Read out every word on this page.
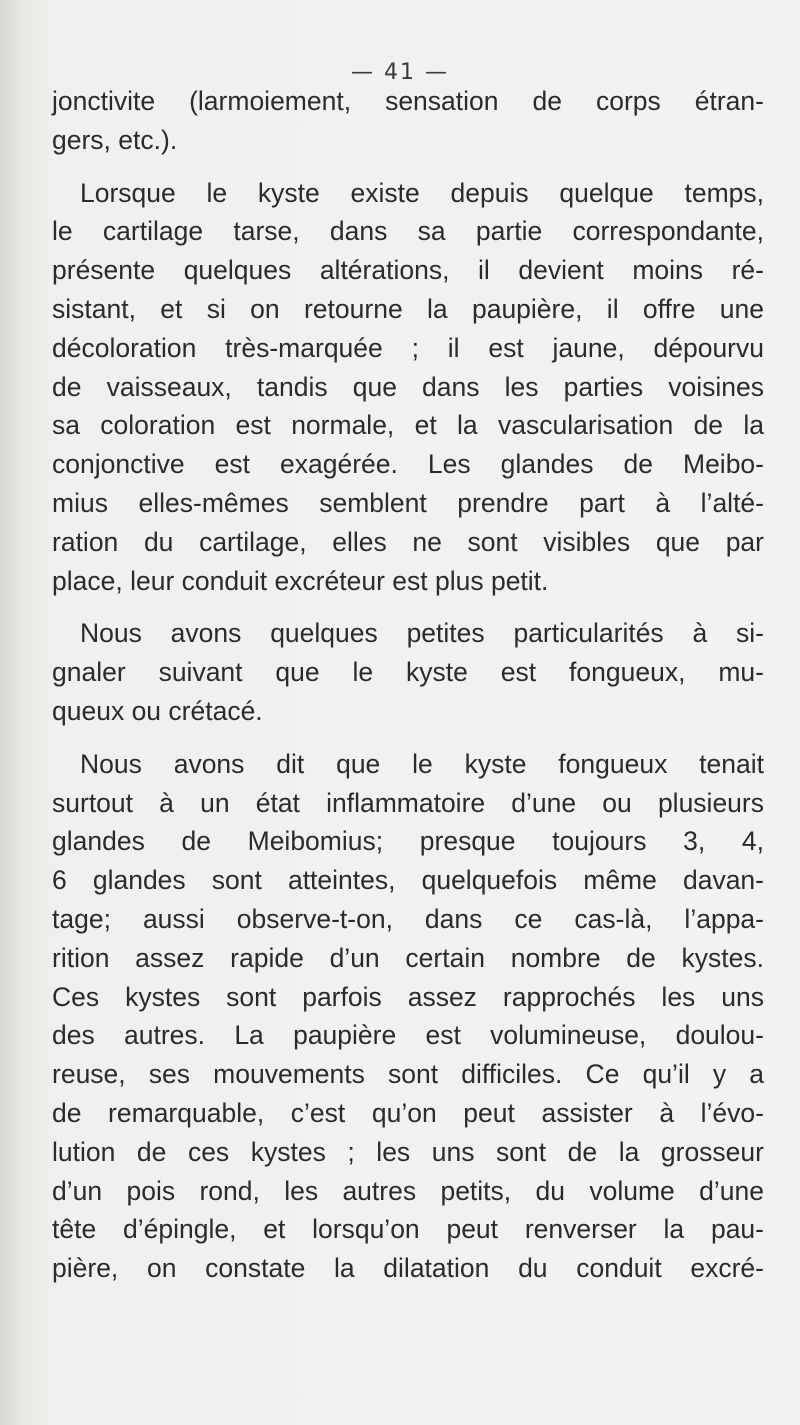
— 41 —

jonctivite (larmoiement, sensation de corps étran-
gers, etc.).

Lorsque le kyste existe depuis quelque temps,
le cartilage tarse, dans sa partie correspondante,
présente quelques altérations, il devient moins ré-
sistant, et si on retourne la paupière, il offre une
décoloration très-marquée ; il est jaune, dépourvu
de vaisseaux, tandis que dans les parties voisines
sa coloration est normale, et la vascularisation de la
conjonctive est exagérée. Les glandes de Meibo-
mius elles-mêmes semblent prendre part à l’alté-
ration du cartilage, elles ne sont visibles que par
place, leur conduit excréteur est plus petit.

Nous avons quelques petites particularités à si-
gnaler suivant que le kyste est fongueux, mu-
queux ou crétacé.

Nous avons dit que le kyste fongueux tenait
surtout à un état inflammatoire d’une ou plusieurs
glandes de Meibomius; presque toujours 3, 4,
6 glandes sont atteintes, quelquefois même davan-
tage; aussi observe-t-on, dans ce cas-là, l’appa-
rition assez rapide d’un certain nombre de kystes.
Ces kystes sont parfois assez rapprochés les uns
des autres. La paupière est volumineuse, doulou-
reuse, ses mouvements sont difficiles. Ce qu’il y a
de remarquable, c’est qu’on peut assister à l’évo-
lution de ces kystes ; les uns sont de la grosseur
d’un pois rond, les autres petits, du volume d’une
tête d’épingle, et lorsqu’on peut renverser la pau-
pière, on constate la dilatation du conduit excré-
